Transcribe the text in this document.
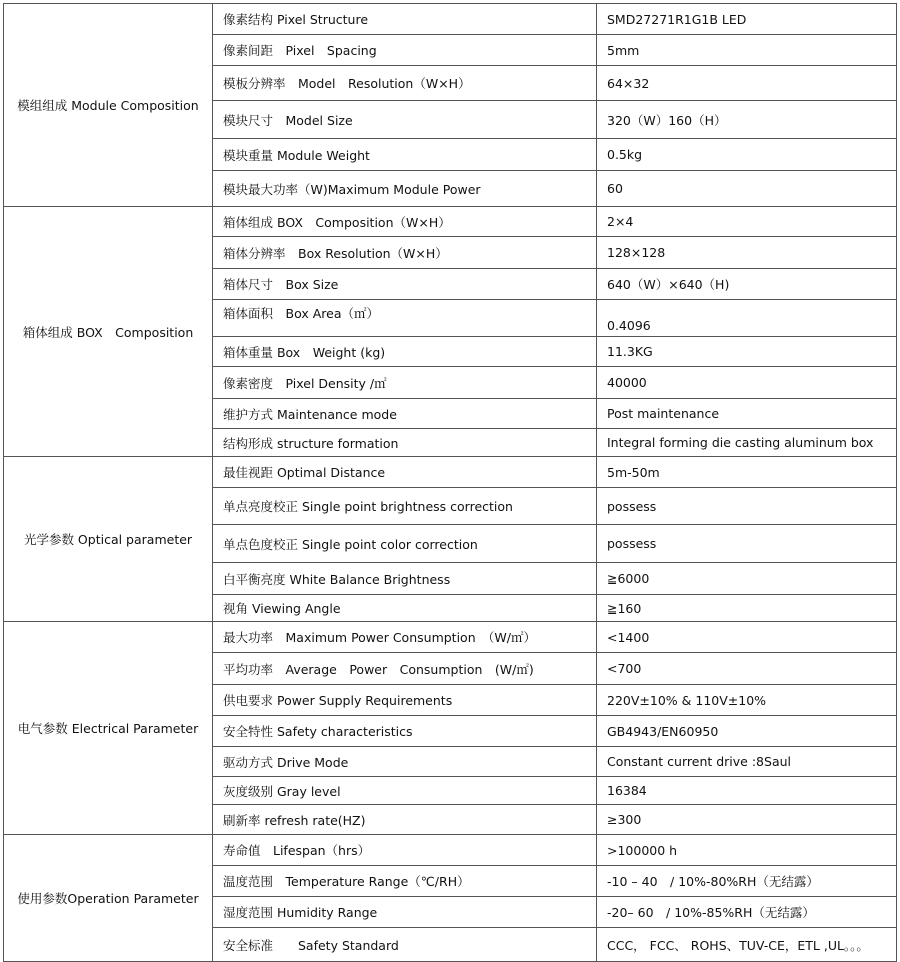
模组组成 Module Composition	像素结构 Pixel Structure	SMD27271R1G1B LED
	像素间距　Pixel　Spacing	5mm
	模板分辨率　Model　Resolution（W×H）	64×32
	模块尺寸　Model Size	320（W）160（H）
	模块重量 Module Weight	0.5kg
	模块最大功率（W)Maximum Module Power	60
箱体组成 BOX　Composition	箱体组成 BOX　Composition（W×H）	2×4
	箱体分辨率　Box Resolution（W×H）	128×128
	箱体尺寸　Box Size	640（W）×640（H)
	箱体面积　Box Area（㎡）	0.4096
	箱体重量 Box　Weight (kg)	11.3KG
	像素密度　Pixel Density /㎡	40000
	维护方式 Maintenance mode	Post maintenance
	结构形成 structure formation	Integral forming die casting aluminum box
光学参数 Optical parameter	最佳视距 Optimal Distance	5m-50m
	单点亮度校正 Single point brightness correction	possess
	单点色度校正 Single point color correction	possess
	白平衡亮度 White Balance Brightness	≧6000
	视角 Viewing Angle	≧160
电气参数 Electrical Parameter	最大功率　Maximum Power Consumption　（W/㎡）	<1400
	平均功率　Average　Power　Consumption　(W/㎡)	<700
	供电要求 Power Supply Requirements	220V±10% & 110V±10%
	安全特性 Safety characteristics	GB4943/EN60950
	驱动方式 Drive Mode	Constant current drive :8Saul
	灰度级别 Gray level	16384
	刷新率 refresh rate(HZ)	≥300
使用参数Operation Parameter	寿命值　Lifespan（hrs）	>100000 h
	温度范围　Temperature Range（℃/RH）	-10 – 40　/ 10%-80%RH（无结露）
	湿度范围 Humidity Range	-20– 60　/ 10%-85%RH（无结露）
	安全标准　　Safety Standard	CCC， FCC、 ROHS、TUV-CE，ETL ,UL。。。
